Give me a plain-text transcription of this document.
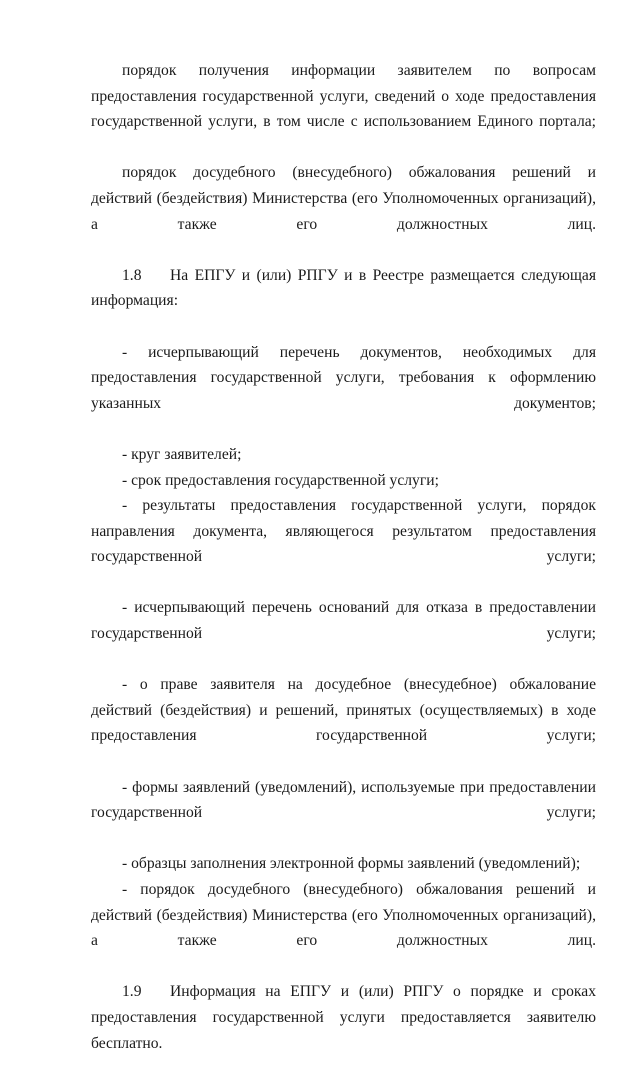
порядок получения информации заявителем по вопросам предоставления государственной услуги, сведений о ходе предоставления государственной услуги, в том числе с использованием Единого портала;

порядок досудебного (внесудебного) обжалования решений и действий (бездействия) Министерства (его Уполномоченных организаций), а также его должностных лиц.

1.8 На ЕПГУ и (или) РПГУ и в Реестре размещается следующая информация:

- исчерпывающий перечень документов, необходимых для предоставления государственной услуги, требования к оформлению указанных документов;

- круг заявителей;

- срок предоставления государственной услуги;

- результаты предоставления государственной услуги, порядок направления документа, являющегося результатом предоставления государственной услуги;

- исчерпывающий перечень оснований для отказа в предоставлении государственной услуги;

- о праве заявителя на досудебное (внесудебное) обжалование действий (бездействия) и решений, принятых (осуществляемых) в ходе предоставления государственной услуги;

- формы заявлений (уведомлений), используемые при предоставлении государственной услуги;

- образцы заполнения электронной формы заявлений (уведомлений);

- порядок досудебного (внесудебного) обжалования решений и действий (бездействия) Министерства (его Уполномоченных организаций), а также его должностных лиц.

1.9 Информация на ЕПГУ и (или) РПГУ о порядке и сроках предоставления государственной услуги предоставляется заявителю бесплатно.
